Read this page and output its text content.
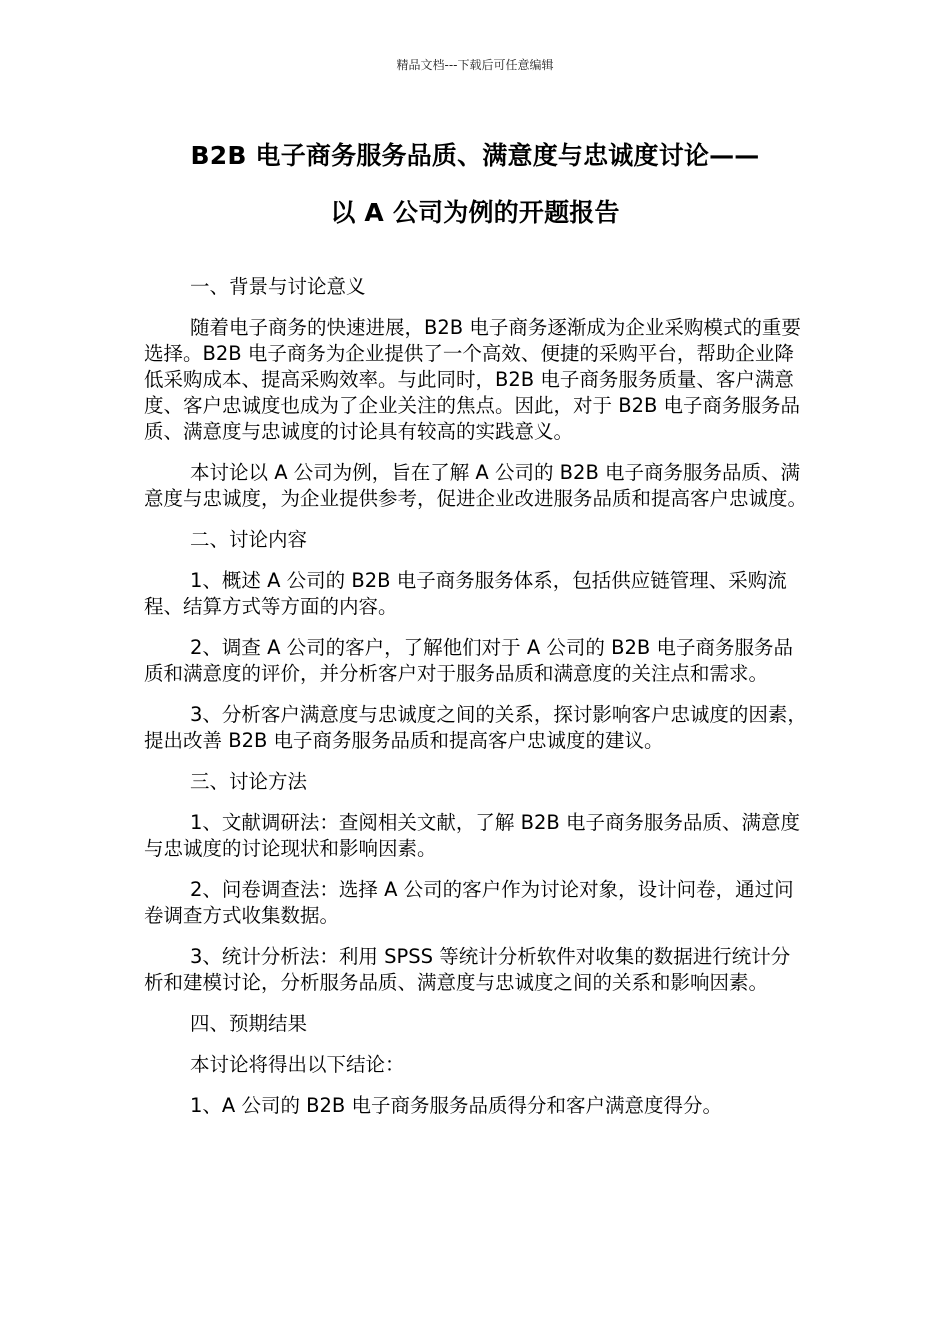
精品文档---下载后可任意编辑
B2B 电子商务服务品质、满意度与忠诚度讨论——
以 A 公司为例的开题报告

一、背景与讨论意义

随着电子商务的快速进展，B2B 电子商务逐渐成为企业采购模式的重要选择。B2B 电子商务为企业提供了一个高效、便捷的采购平台，帮助企业降低采购成本、提高采购效率。与此同时，B2B 电子商务服务质量、客户满意度、客户忠诚度也成为了企业关注的焦点。因此，对于 B2B 电子商务服务品质、满意度与忠诚度的讨论具有较高的实践意义。

本讨论以 A 公司为例，旨在了解 A 公司的 B2B 电子商务服务品质、满意度与忠诚度，为企业提供参考，促进企业改进服务品质和提高客户忠诚度。

二、讨论内容

1、概述 A 公司的 B2B 电子商务服务体系，包括供应链管理、采购流程、结算方式等方面的内容。

2、调查 A 公司的客户，了解他们对于 A 公司的 B2B 电子商务服务品质和满意度的评价，并分析客户对于服务品质和满意度的关注点和需求。

3、分析客户满意度与忠诚度之间的关系，探讨影响客户忠诚度的因素，提出改善 B2B 电子商务服务品质和提高客户忠诚度的建议。

三、讨论方法

1、文献调研法：查阅相关文献，了解 B2B 电子商务服务品质、满意度与忠诚度的讨论现状和影响因素。

2、问卷调查法：选择 A 公司的客户作为讨论对象，设计问卷，通过问卷调查方式收集数据。

3、统计分析法：利用 SPSS 等统计分析软件对收集的数据进行统计分析和建模讨论，分析服务品质、满意度与忠诚度之间的关系和影响因素。

四、预期结果

本讨论将得出以下结论：

1、A 公司的 B2B 电子商务服务品质得分和客户满意度得分。
